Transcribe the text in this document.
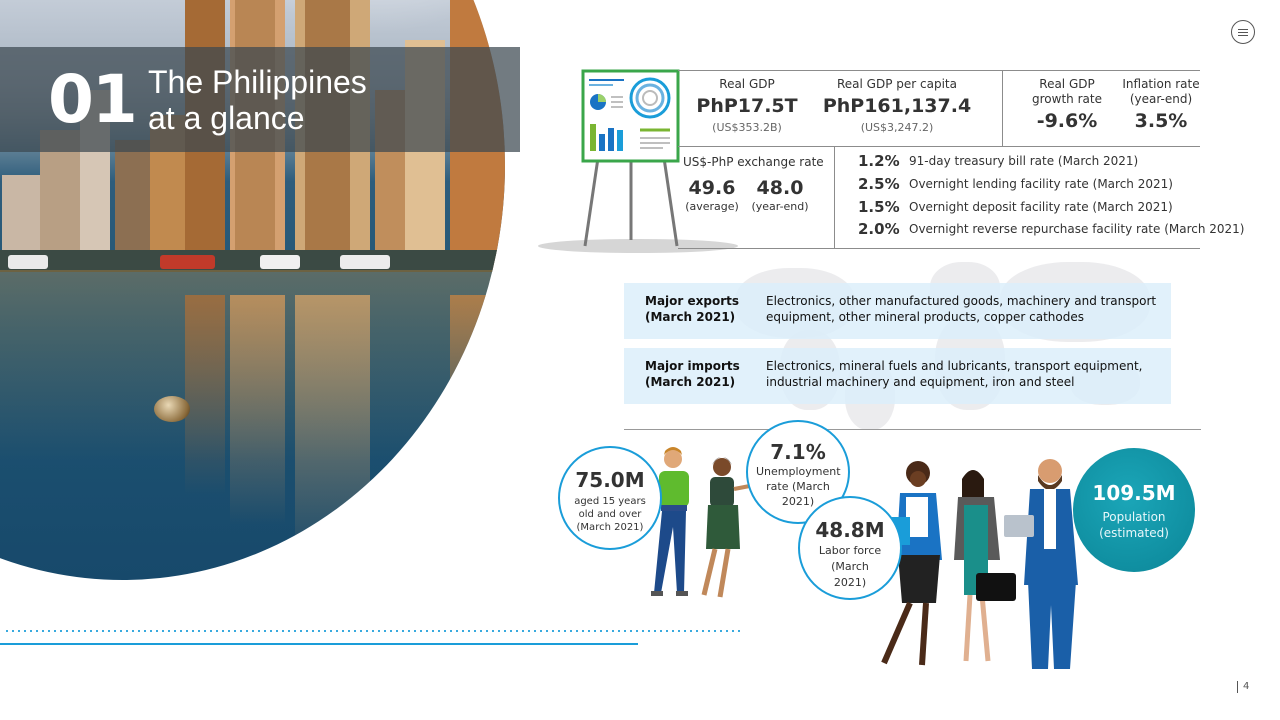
01 The Philippines
at a glance
Real GDP
PhP17.5T
(US$353.2B)
Real GDP per capita
PhP161,137.4
(US$3,247.2)
Real GDP
growth rate
-9.6%
Inflation rate
(year-end)
3.5%
US$-PhP exchange rate
49.6
(average)
48.0
(year-end)
1.2% 91-day treasury bill rate (March 2021)
2.5% Overnight lending facility rate (March 2021)
1.5% Overnight deposit facility rate (March 2021)
2.0% Overnight reverse repurchase facility rate (March 2021)
Major exports
(March 2021)
Electronics, other manufactured goods, machinery and transport equipment, other mineral products, copper cathodes
Major imports
(March 2021)
Electronics, mineral fuels and lubricants, transport equipment, industrial machinery and equipment, iron and steel
75.0M
aged 15 years old and over (March 2021)
7.1%
Unemployment rate (March 2021)
48.8M
Labor force (March 2021)
109.5M
Population (estimated)
4
